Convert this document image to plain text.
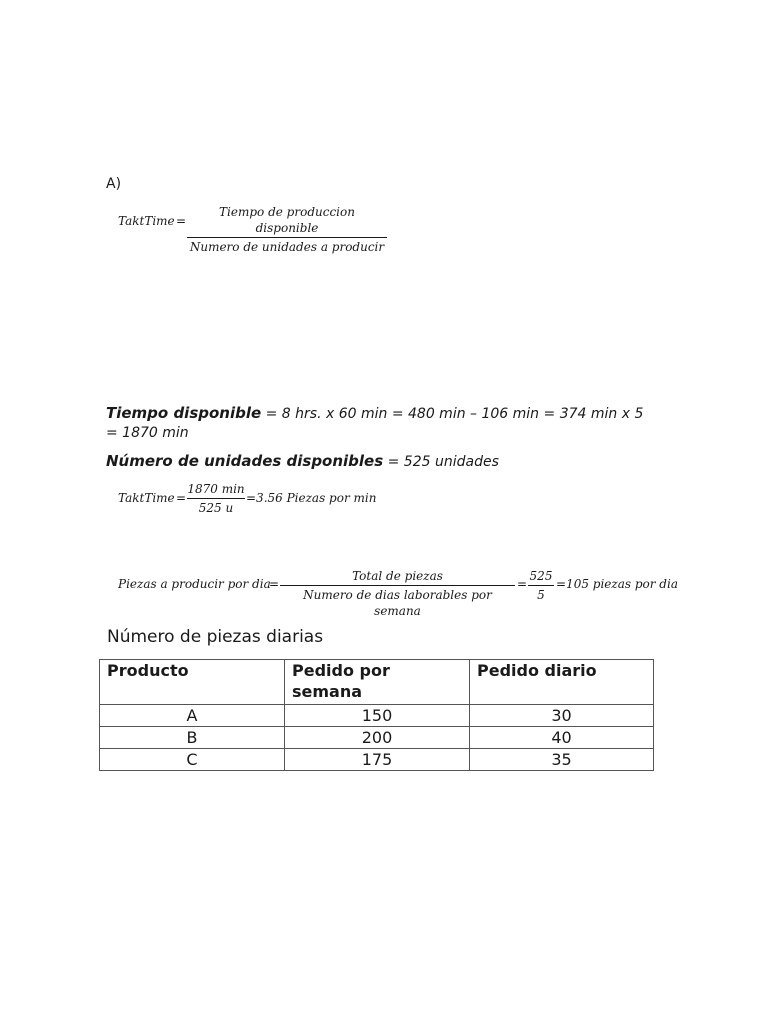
A)
TaktTime =
Tiempo de produccion disponible
Numero de unidades a producir
Tiempo disponible = 8 hrs. x 60 min = 480 min – 106 min = 374 min x 5
= 1870 min
Número de unidades disponibles = 525 unidades
TaktTime =
1870 min
525 u
=3.56 Piezas por min
Piezas a producir por dia
=
Total de piezas
Numero de dias laborables por semana
=
525
5
=105 piezas por dia
Número de piezas diarias
Producto	Pedido por semana	Pedido diario
A	150	30
B	200	40
C	175	35
